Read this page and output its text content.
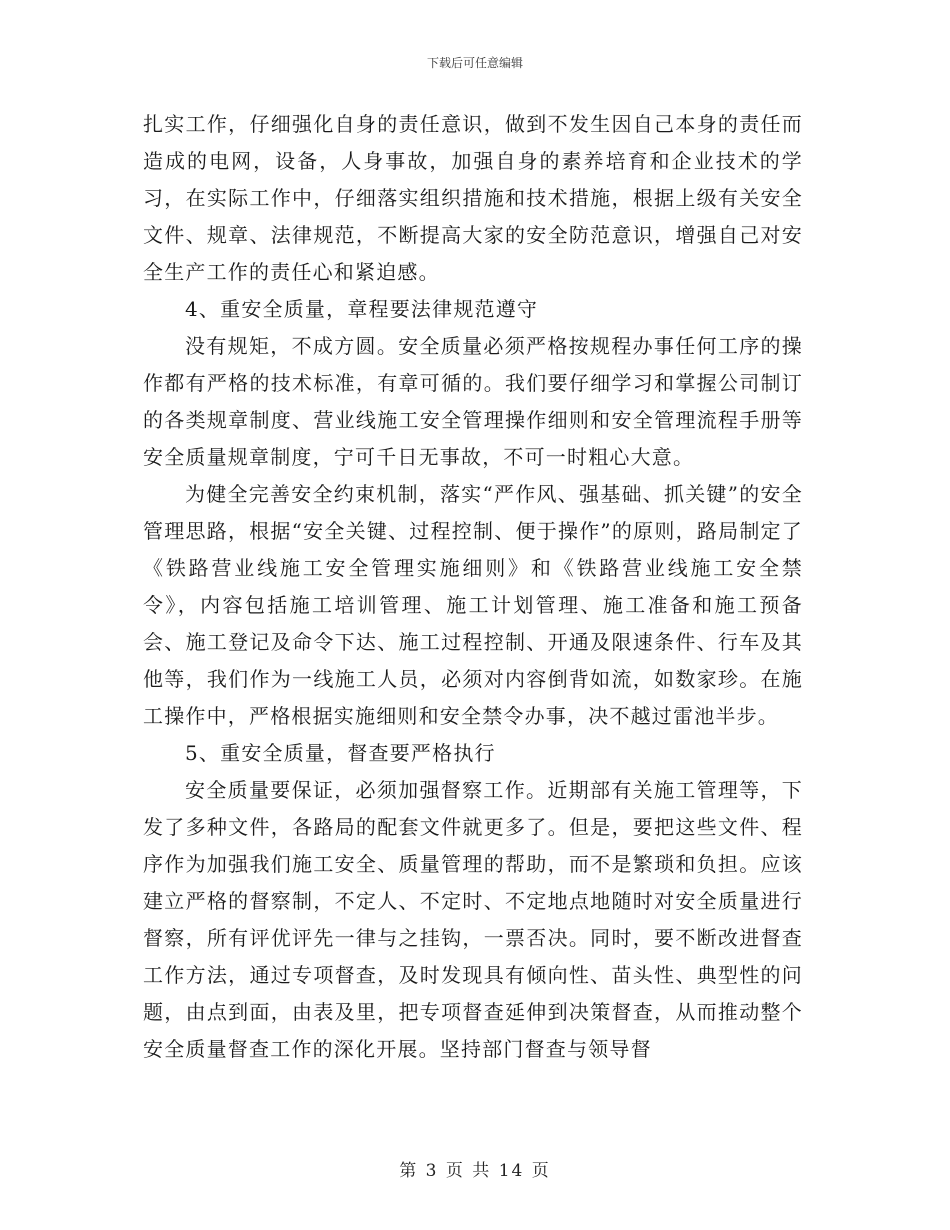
下载后可任意编辑

扎实工作，仔细强化自身的责任意识，做到不发生因自己本身的责任而造成的电网，设备，人身事故，加强自身的素养培育和企业技术的学习，在实际工作中，仔细落实组织措施和技术措施，根据上级有关安全文件、规章、法律规范，不断提高大家的安全防范意识，增强自己对安全生产工作的责任心和紧迫感。

4、重安全质量，章程要法律规范遵守

没有规矩，不成方圆。安全质量必须严格按规程办事任何工序的操作都有严格的技术标准，有章可循的。我们要仔细学习和掌握公司制订的各类规章制度、营业线施工安全管理操作细则和安全管理流程手册等安全质量规章制度，宁可千日无事故，不可一时粗心大意。

为健全完善安全约束机制，落实“严作风、强基础、抓关键”的安全管理思路，根据“安全关键、过程控制、便于操作”的原则，路局制定了《铁路营业线施工安全管理实施细则》和《铁路营业线施工安全禁令》，内容包括施工培训管理、施工计划管理、施工准备和施工预备会、施工登记及命令下达、施工过程控制、开通及限速条件、行车及其他等，我们作为一线施工人员，必须对内容倒背如流，如数家珍。在施工操作中，严格根据实施细则和安全禁令办事，决不越过雷池半步。

5、重安全质量，督查要严格执行

安全质量要保证，必须加强督察工作。近期部有关施工管理等，下发了多种文件，各路局的配套文件就更多了。但是，要把这些文件、程序作为加强我们施工安全、质量管理的帮助，而不是繁琐和负担。应该建立严格的督察制，不定人、不定时、不定地点地随时对安全质量进行督察，所有评优评先一律与之挂钩，一票否决。同时，要不断改进督查工作方法，通过专项督查，及时发现具有倾向性、苗头性、典型性的问题，由点到面，由表及里，把专项督查延伸到决策督查，从而推动整个安全质量督查工作的深化开展。坚持部门督查与领导督

第 3 页 共 14 页
